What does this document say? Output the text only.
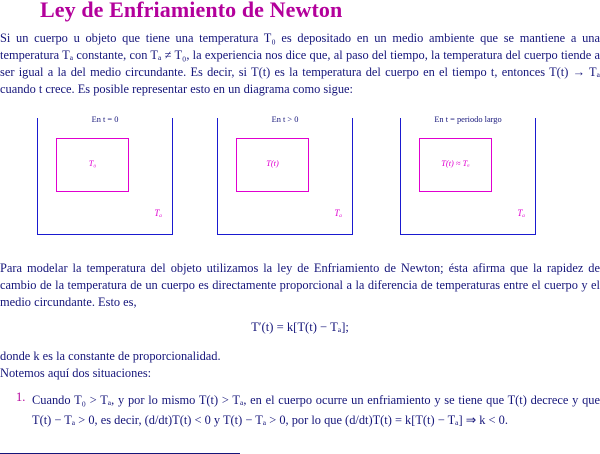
Ley de Enfriamiento de Newton

Si un cuerpo u objeto que tiene una temperatura T₀ es depositado en un medio ambiente que se mantiene a una temperatura Tₐ constante, con Tₐ ≠ T₀, la experiencia nos dice que, al paso del tiempo, la temperatura del cuerpo tiende a ser igual a la del medio circundante. Es decir, si T(t) es la temperatura del cuerpo en el tiempo t, entonces T(t) → Tₐ cuando t crece. Es posible representar esto en un diagrama como sigue:

En t = 0
T₀
Tₐ
En t > 0
T(t)
Tₐ
En t = periodo largo
T(t) ≈ Tₐ
Tₐ

Para modelar la temperatura del objeto utilizamos la ley de Enfriamiento de Newton; ésta afirma que la rapidez de cambio de la temperatura de un cuerpo es directamente proporcional a la diferencia de temperaturas entre el cuerpo y el medio circundante. Esto es,

T′(t) = k[T(t) − Tₐ];

donde k es la constante de proporcionalidad.

Notemos aquí dos situaciones:

1. Cuando T₀ > Tₐ, y por lo mismo T(t) > Tₐ, en el cuerpo ocurre un enfriamiento y se tiene que T(t) decrece y que T(t) − Tₐ > 0, es decir, (d/dt)T(t) < 0 y T(t) − Tₐ > 0, por lo que (d/dt)T(t) = k[T(t) − Tₐ] ⇒ k < 0.
